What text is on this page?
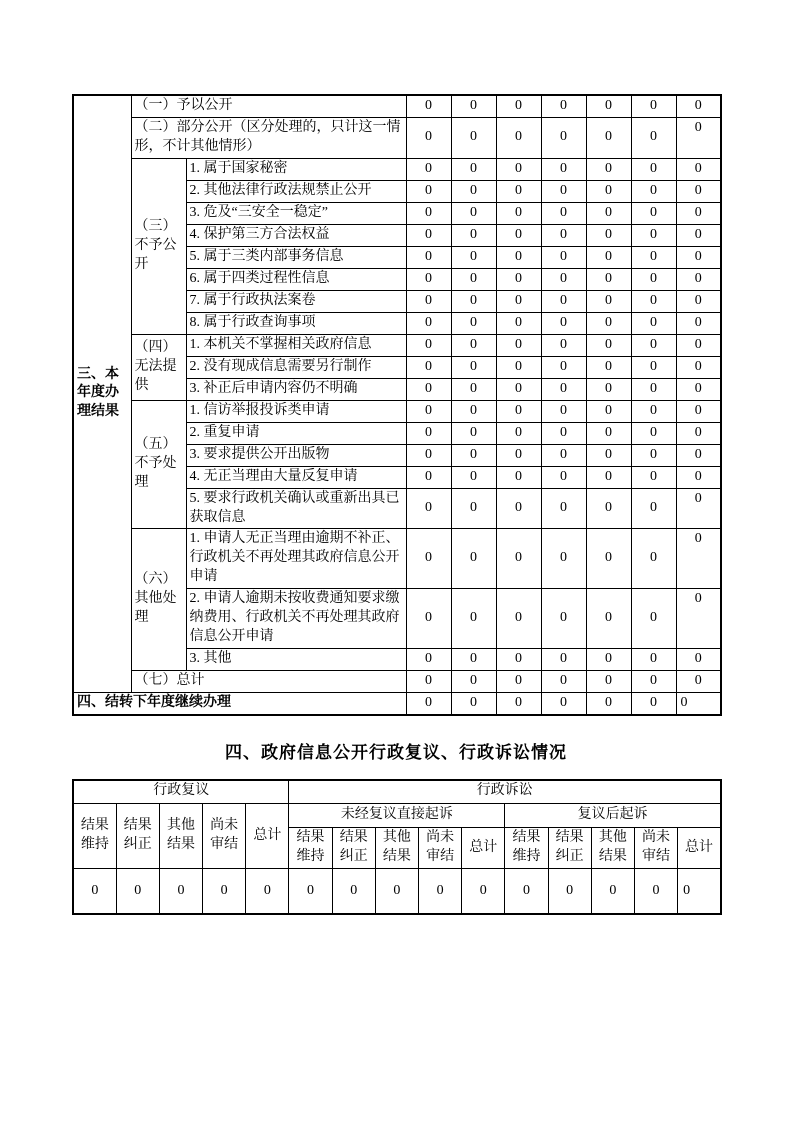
三、本年度办理结果	（一）予以公开		0	0	0	0	0	0	0
	（二）部分公开（区分处理的，只计这一情形，不计其他情形）		0	0	0	0	0	0	0
	（三）不予公开	1. 属于国家秘密	0	0	0	0	0	0	0
		2. 其他法律行政法规禁止公开	0	0	0	0	0	0	0
		3. 危及“三安全一稳定”	0	0	0	0	0	0	0
		4. 保护第三方合法权益	0	0	0	0	0	0	0
		5. 属于三类内部事务信息	0	0	0	0	0	0	0
		6. 属于四类过程性信息	0	0	0	0	0	0	0
		7. 属于行政执法案卷	0	0	0	0	0	0	0
		8. 属于行政查询事项	0	0	0	0	0	0	0
	（四）无法提供	1. 本机关不掌握相关政府信息	0	0	0	0	0	0	0
		2. 没有现成信息需要另行制作	0	0	0	0	0	0	0
		3. 补正后申请内容仍不明确	0	0	0	0	0	0	0
	（五）不予处理	1. 信访举报投诉类申请	0	0	0	0	0	0	0
		2. 重复申请	0	0	0	0	0	0	0
		3. 要求提供公开出版物	0	0	0	0	0	0	0
		4. 无正当理由大量反复申请	0	0	0	0	0	0	0
		5. 要求行政机关确认或重新出具已获取信息	0	0	0	0	0	0	0
	（六）其他处理	1. 申请人无正当理由逾期不补正、行政机关不再处理其政府信息公开申请	0	0	0	0	0	0	0
		2. 申请人逾期未按收费通知要求缴纳费用、行政机关不再处理其政府信息公开申请	0	0	0	0	0	0	0
		3. 其他	0	0	0	0	0	0	0
	（七）总计		0	0	0	0	0	0	0
四、结转下年度继续办理			0	0	0	0	0	0	0
四、政府信息公开行政复议、行政诉讼情况
行政复议					行政诉讼									
结果维持	结果纠正	其他结果	尚未审结	总计	未经复议直接起诉					复议后起诉				
					结果维持	结果纠正	其他结果	尚未审结	总计	结果维持	结果纠正	其他结果	尚未审结	总计
0	0	0	0	0	0	0	0	0	0	0	0	0	0	0
